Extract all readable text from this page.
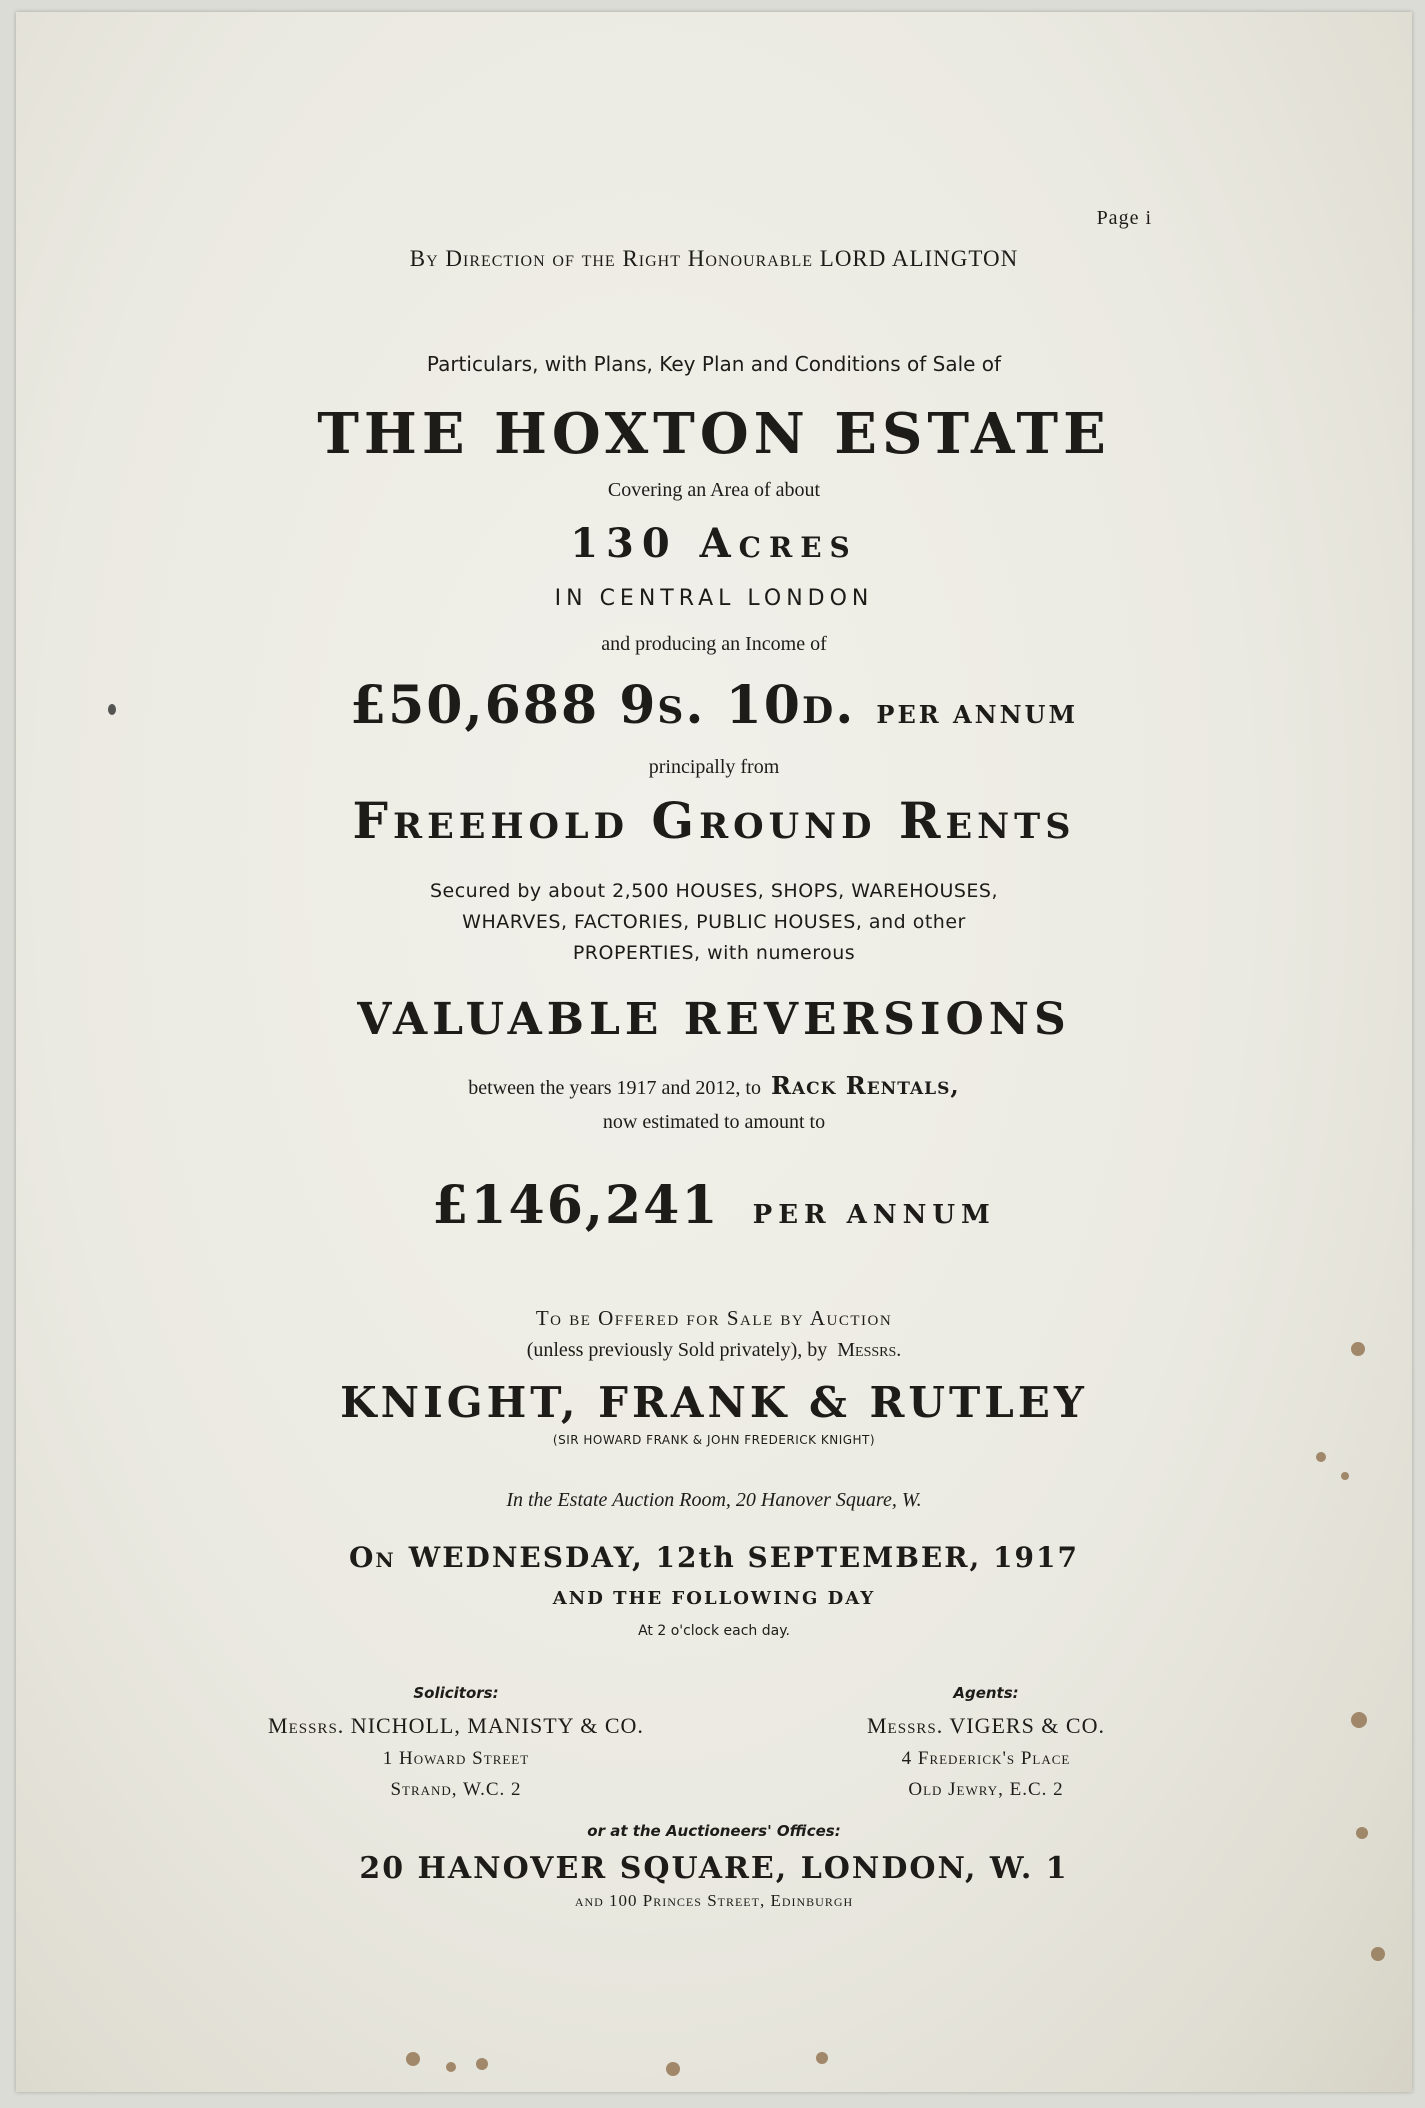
Page i
By Direction of the Right Honourable LORD ALINGTON
Particulars, with Plans, Key Plan and Conditions of Sale of
THE HOXTON ESTATE
Covering an Area of about
130 Acres
IN CENTRAL LONDON
and producing an Income of
£50,688 9s. 10d. PER ANNUM
principally from
Freehold Ground Rents
Secured by about 2,500 HOUSES, SHOPS, WAREHOUSES,
WHARVES, FACTORIES, PUBLIC HOUSES, and other
PROPERTIES, with numerous
VALUABLE REVERSIONS
between the years 1917 and 2012, to Rack Rentals,
now estimated to amount to
£146,241 PER ANNUM
To be Offered for Sale by Auction
(unless previously Sold privately), by Messrs.
KNIGHT, FRANK & RUTLEY
(SIR HOWARD FRANK & JOHN FREDERICK KNIGHT)
In the Estate Auction Room, 20 Hanover Square, W.
On WEDNESDAY, 12th SEPTEMBER, 1917
AND THE FOLLOWING DAY
At 2 o'clock each day.
Solicitors:
Messrs. NICHOLL, MANISTY & CO.
1 Howard Street
Strand, W.C. 2
Agents:
Messrs. VIGERS & CO.
4 Frederick's Place
Old Jewry, E.C. 2
or at the Auctioneers' Offices:
20 HANOVER SQUARE, LONDON, W. 1
and 100 Princes Street, Edinburgh
